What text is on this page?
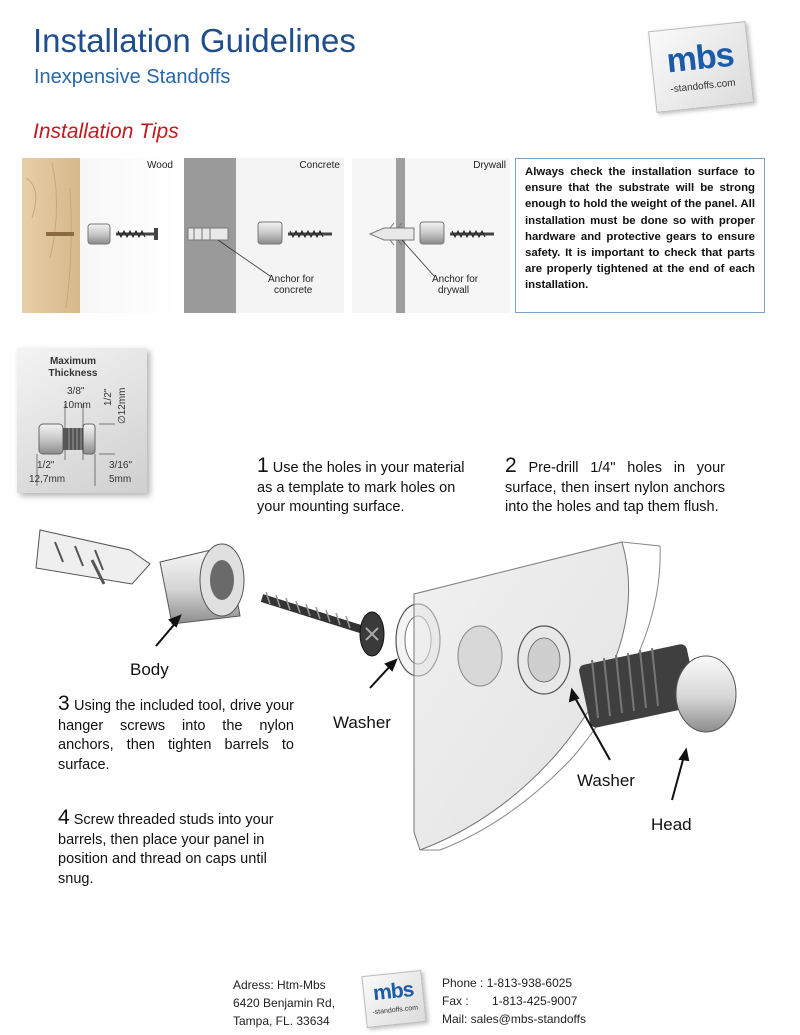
Installation Guidelines
Inexpensive Standoffs	mbs
-standoffs.com
Installation Tips
Wood	Concrete
Anchor for
concrete
Drywall
Anchor for
drywall
Always check the installation surface to ensure that the substrate will be strong enough to hold the weight of the panel. All installation must be done so with proper hardware and protective gears to ensure safety. It is important to check that parts are properly tightened at the end of each installation.
Maximum
Thickness
3/8"
10mm 1/2" ∅12mm
1/2"
12,7mm
3/16"
5mm
1 Use the holes in your material as a template to mark holes on your mounting surface.
2 Pre-drill 1/4" holes in your surface, then insert nylon anchors into the holes and tap them flush.
3 Using the included tool, drive your hanger screws into the nylon anchors, then tighten barrels to surface.
4 Screw threaded studs into your barrels, then place your panel in position and thread on caps until snug.
Body
Washer
Washer
Head
Adress: Htm-Mbs
6420 Benjamin Rd,
Tampa, FL. 33634
mbs
-standoffs.com
Phone : 1-813-938-6025
Fax :       1-813-425-9007
Mail: sales@mbs-standoffs
